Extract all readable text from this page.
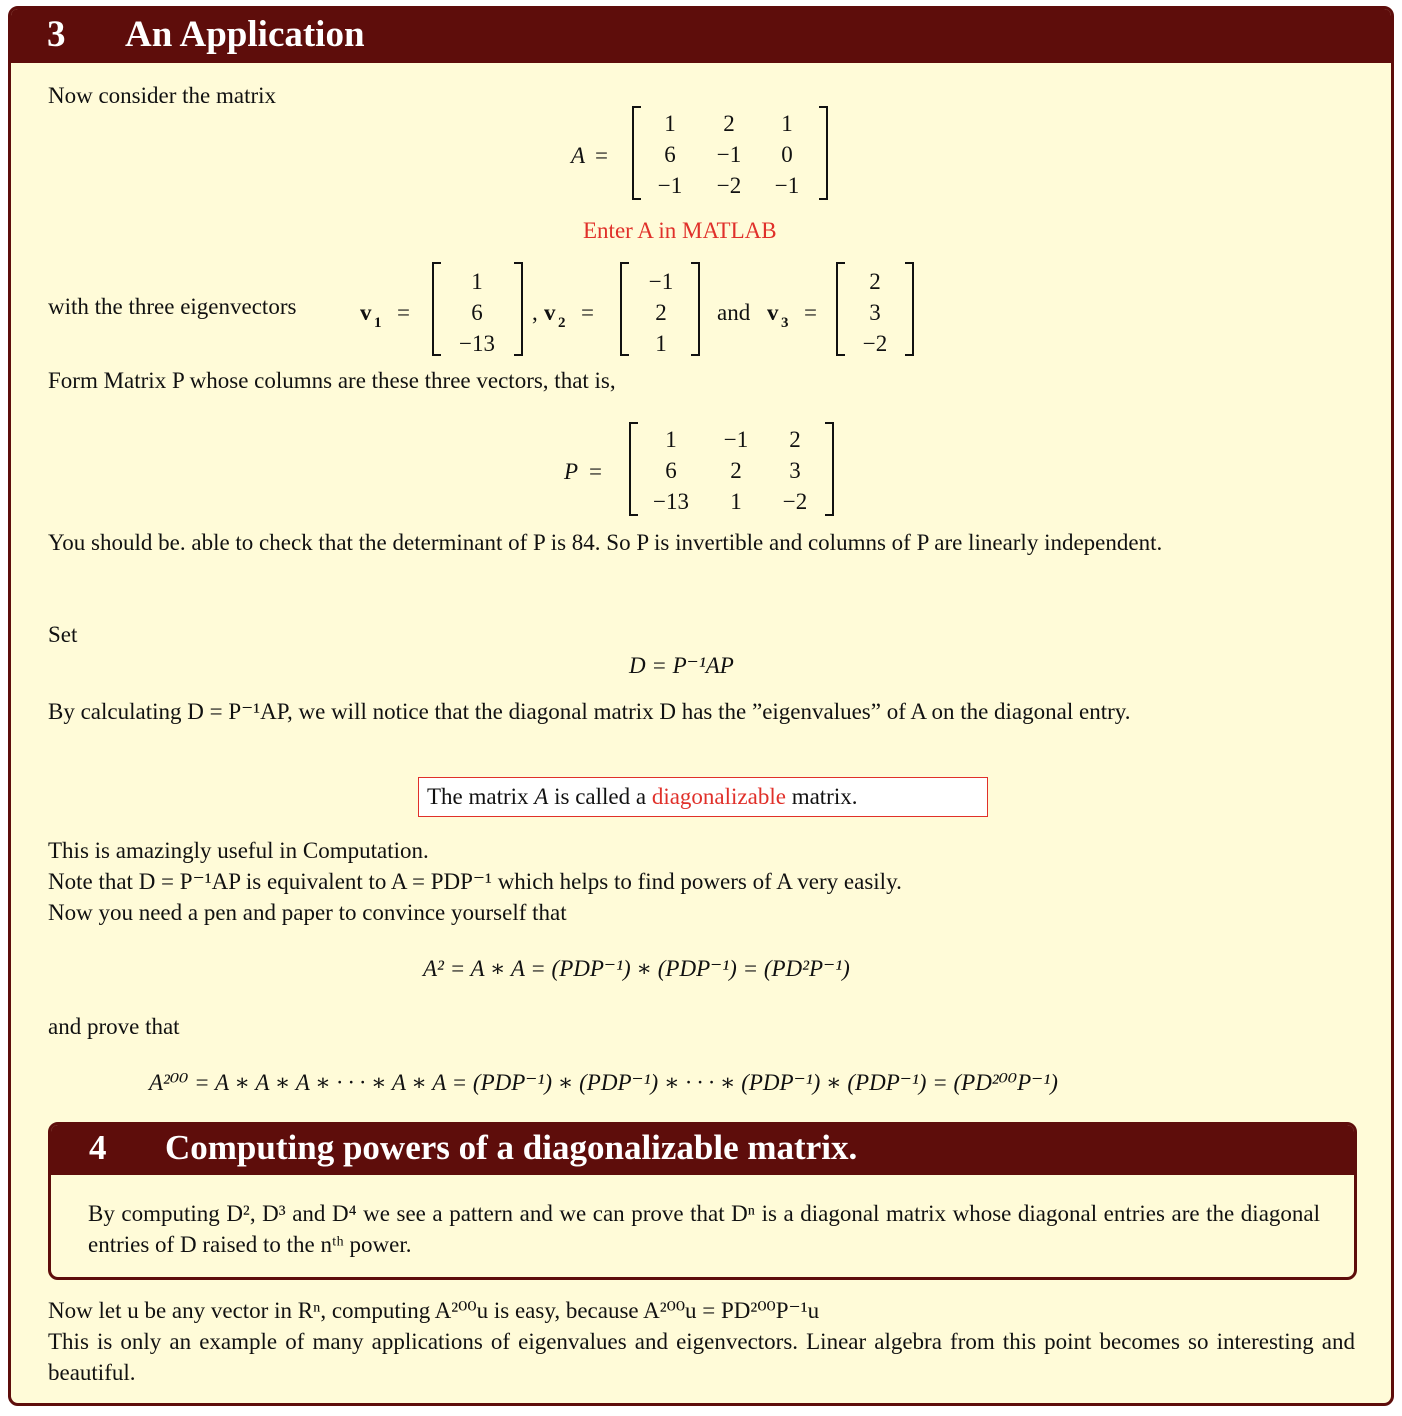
3 An Application
Now consider the matrix
A =
1 2 1
6 −1 0
−1 −2 −1
Enter A in MATLAB
with the three eigenvectors	v 1 =
1
6
−13
, v 2 =
−1
2
1
and v 3 =
2
3
−2
Form Matrix P whose columns are these three vectors, that is,
P =
1 −1 2
6 2 3
−13 1 −2
You should be. able to check that the determinant of P is 84. So P is invertible and columns of P are linearly independent.
Set
D = P⁻¹AP
By calculating D = P⁻¹AP, we will notice that the diagonal matrix D has the ”eigenvalues” of A on the diagonal entry.
The matrix A is called a diagonalizable matrix.
This is amazingly useful in Computation.
Note that D = P⁻¹AP is equivalent to A = PDP⁻¹ which helps to find powers of A very easily.
Now you need a pen and paper to convince yourself that
A² = A ∗ A = (PDP⁻¹) ∗ (PDP⁻¹) = (PD²P⁻¹)
and prove that
A²⁰⁰ = A ∗ A ∗ A ∗ · · · ∗ A ∗ A = (PDP⁻¹) ∗ (PDP⁻¹) ∗ · · · ∗ (PDP⁻¹) ∗ (PDP⁻¹) = (PD²⁰⁰P⁻¹)
4 Computing powers of a diagonalizable matrix.
By computing D², D³ and D⁴ we see a pattern and we can prove that Dⁿ is a diagonal matrix whose diagonal entries are the diagonal entries of D raised to the nᵗʰ power.
Now let u be any vector in Rⁿ, computing A²⁰⁰u is easy, because A²⁰⁰u = PD²⁰⁰P⁻¹u
This is only an example of many applications of eigenvalues and eigenvectors. Linear algebra from this point becomes so interesting and beautiful.
